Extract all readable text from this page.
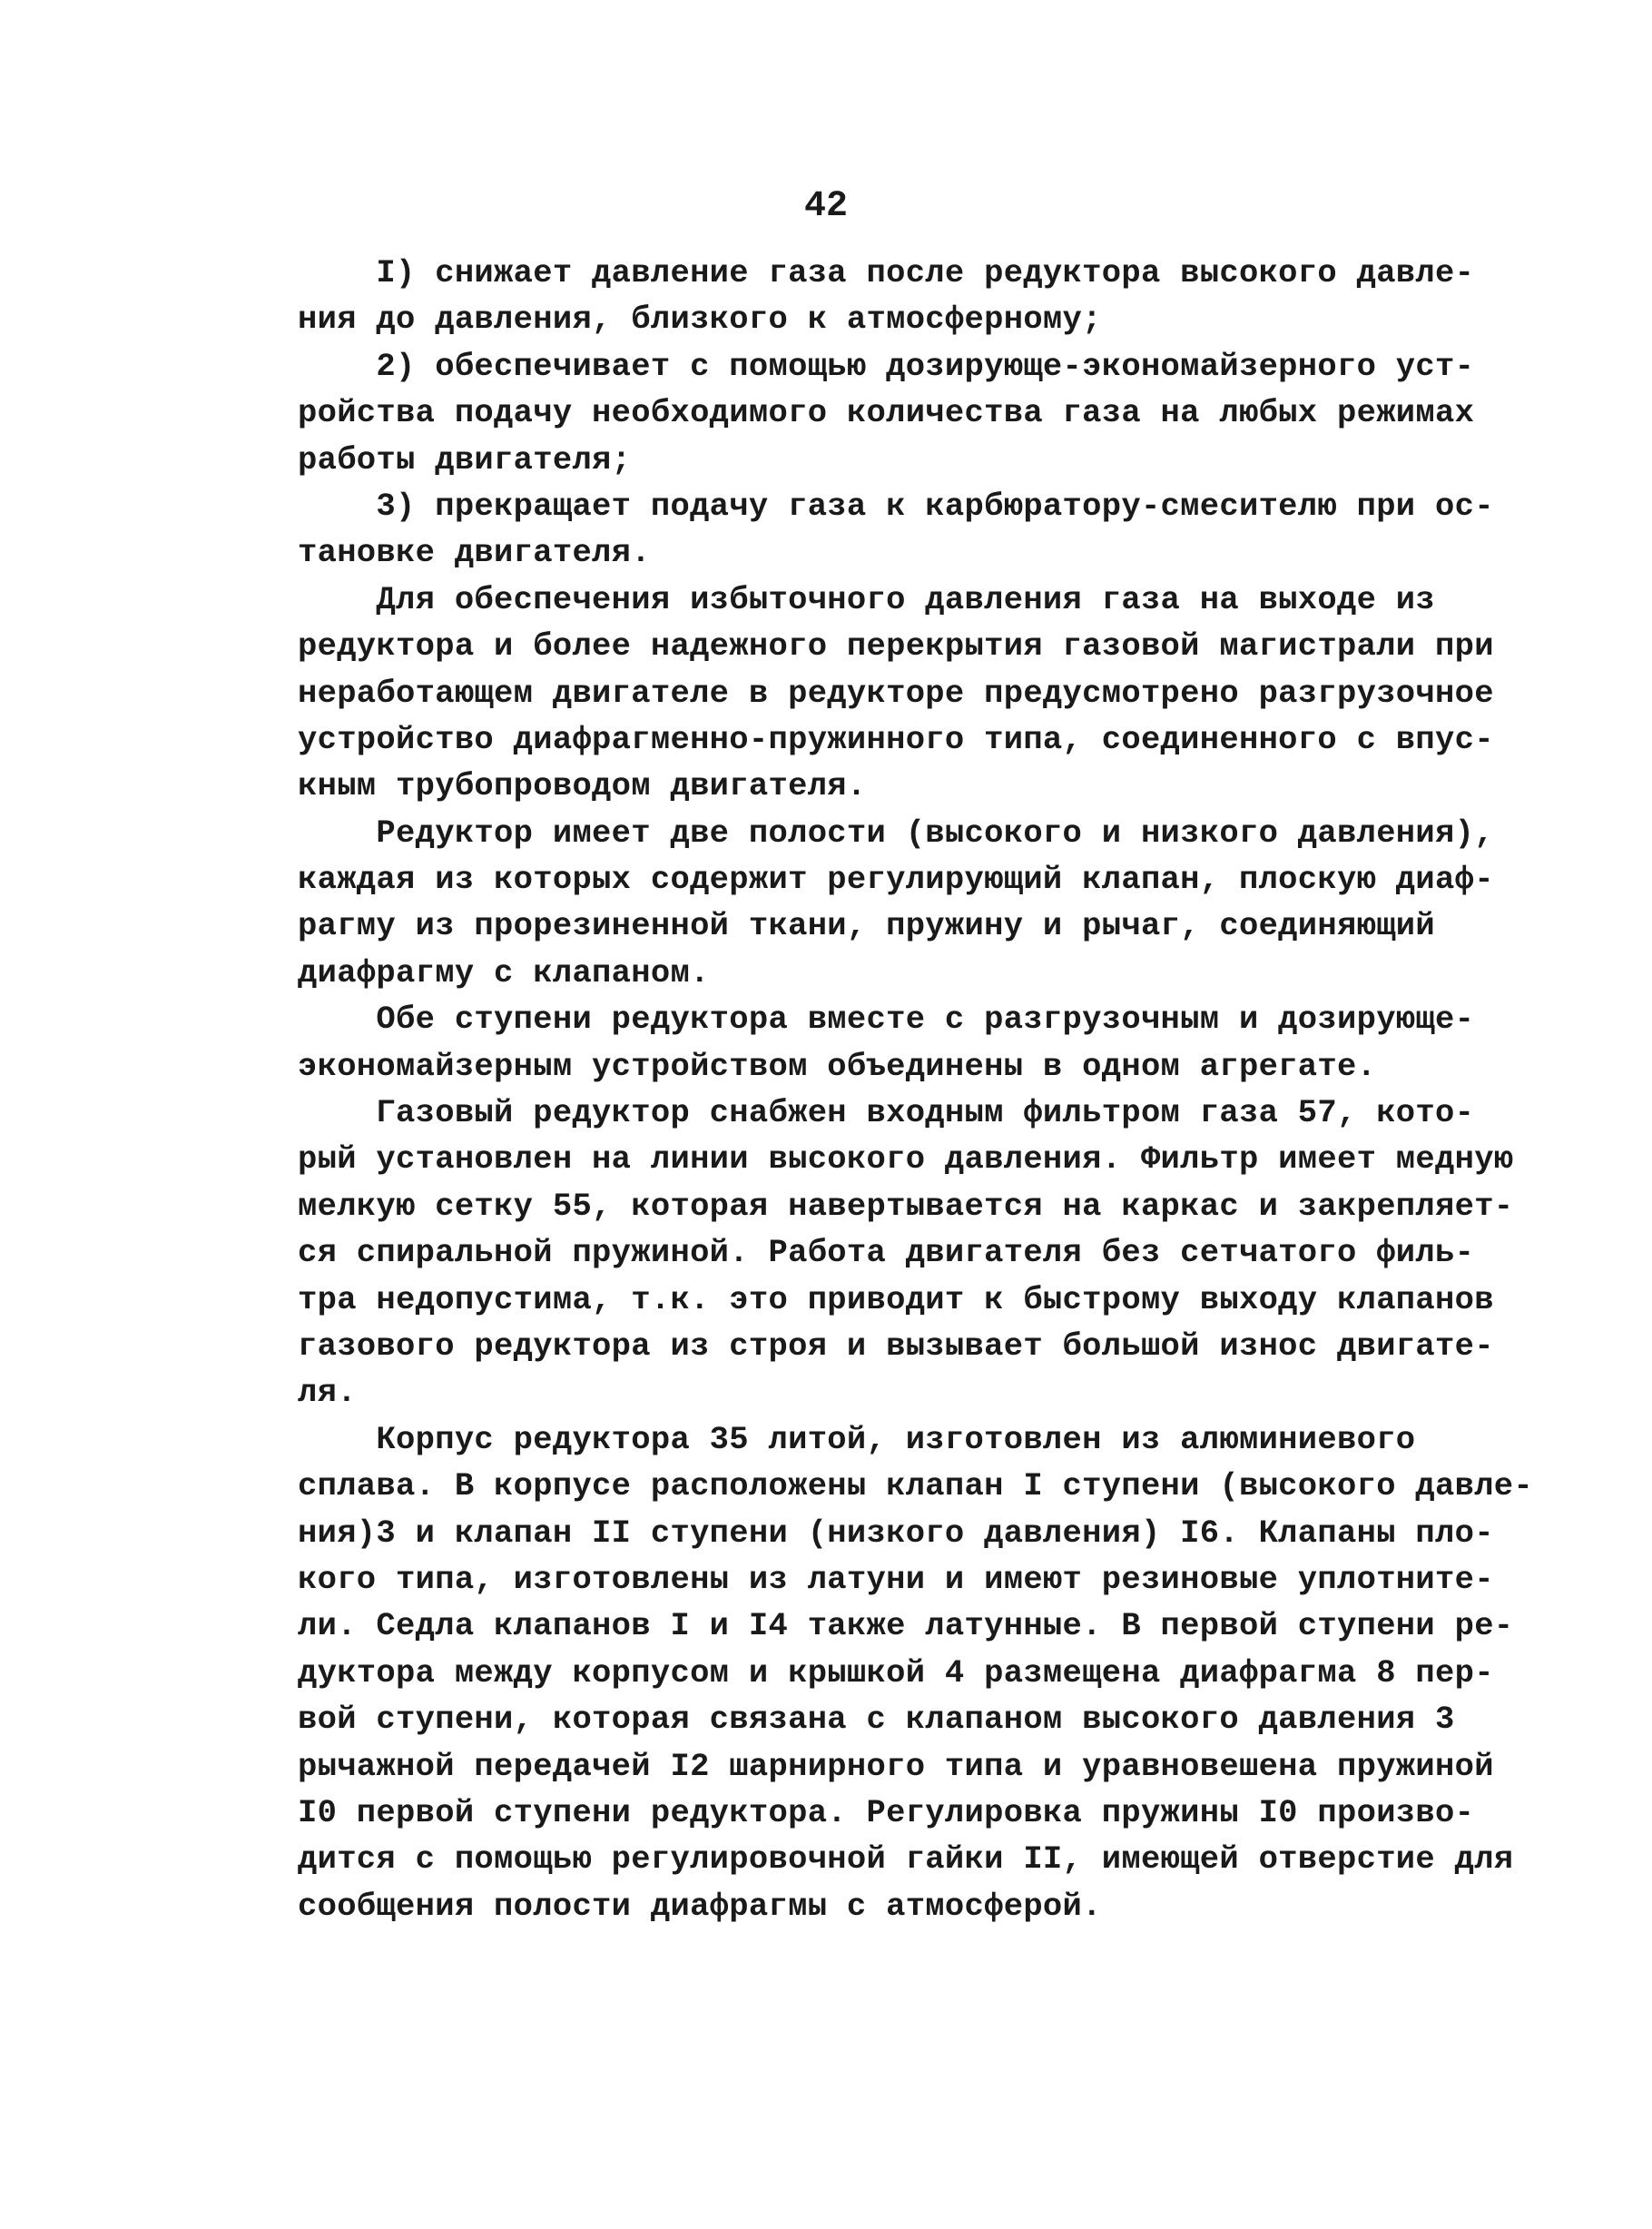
42
I) снижает давление газа после редуктора высокого давле-
ния до давления, близкого к атмосферному;
2) обеспечивает с помощью дозирующе-экономайзерного уст-
ройства подачу необходимого количества газа на любых режимах
работы двигателя;
3) прекращает подачу газа к карбюратору-смесителю при ос-
тановке двигателя.
Для обеспечения избыточного давления газа на выходе из
редуктора и более надежного перекрытия газовой магистрали при
неработающем двигателе в редукторе предусмотрено разгрузочное
устройство диафрагменно-пружинного типа, соединенного с впус-
кным трубопроводом двигателя.
Редуктор имеет две полости (высокого и низкого давления),
каждая из которых содержит регулирующий клапан, плоскую диаф-
рагму из прорезиненной ткани, пружину и рычаг, соединяющий
диафрагму с клапаном.
Обе ступени редуктора вместе с разгрузочным и дозирующе-
экономайзерным устройством объединены в одном агрегате.
Газовый редуктор снабжен входным фильтром газа 57, кото-
рый установлен на линии высокого давления. Фильтр имеет медную
мелкую сетку 55, которая навертывается на каркас и закрепляет-
ся спиральной пружиной. Работа двигателя без сетчатого филь-
тра недопустима, т.к. это приводит к быстрому выходу клапанов
газового редуктора из строя и вызывает большой износ двигате-
ля.
Корпус редуктора 35 литой, изготовлен из алюминиевого
сплава. В корпусе расположены клапан I ступени (высокого давле-
ния)3 и клапан II ступени (низкого давления) I6. Клапаны пло-
кого типа, изготовлены из латуни и имеют резиновые уплотните-
ли. Седла клапанов I и I4 также латунные. В первой ступени ре-
дуктора между корпусом и крышкой 4 размещена диафрагма 8 пер-
вой ступени, которая связана с клапаном высокого давления 3
рычажной передачей I2 шарнирного типа и уравновешена пружиной
I0 первой ступени редуктора. Регулировка пружины I0 произво-
дится с помощью регулировочной гайки II, имеющей отверстие для
сообщения полости диафрагмы с атмосферой.
